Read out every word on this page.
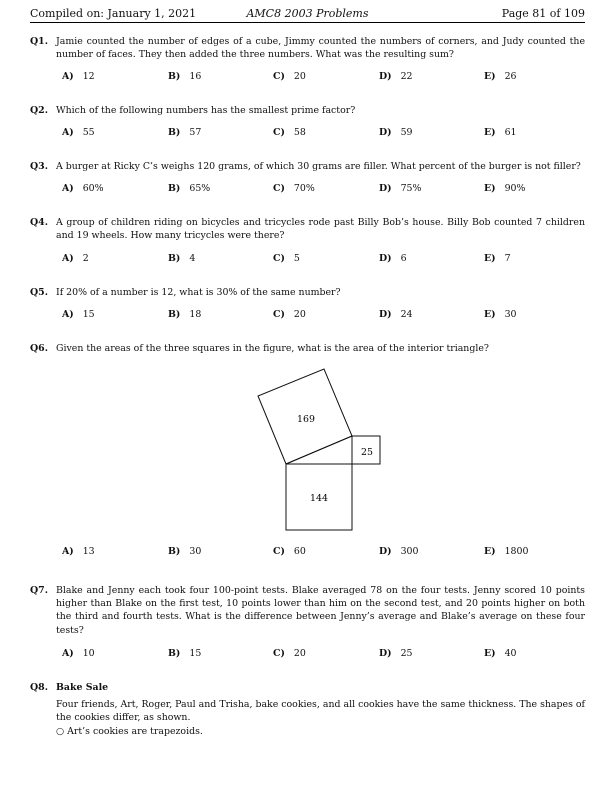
Compiled on: January 1, 2021	AMC8 2003 Problems	Page 81 of 109
Q1. Jamie counted the number of edges of a cube, Jimmy counted the numbers of corners, and Judy counted the number of faces. They then added the three numbers. What was the resulting sum?
A) 12	B) 16	C) 20	D) 22	E) 26
Q2. Which of the following numbers has the smallest prime factor?
A) 55	B) 57	C) 58	D) 59	E) 61
Q3. A burger at Ricky C’s weighs 120 grams, of which 30 grams are filler. What percent of the burger is not filler?
A) 60%	B) 65%	C) 70%	D) 75%	E) 90%
Q4. A group of children riding on bicycles and tricycles rode past Billy Bob’s house. Billy Bob counted 7 children and 19 wheels. How many tricycles were there?
A) 2	B) 4	C) 5	D) 6	E) 7
Q5. If 20% of a number is 12, what is 30% of the same number?
A) 15	B) 18	C) 20	D) 24	E) 30
Q6. Given the areas of the three squares in the figure, what is the area of the interior triangle?
169
25
144
A) 13	B) 30	C) 60	D) 300	E) 1800
Q7. Blake and Jenny each took four 100-point tests. Blake averaged 78 on the four tests. Jenny scored 10 points higher than Blake on the first test, 10 points lower than him on the second test, and 20 points higher on both the third and fourth tests. What is the difference between Jenny’s average and Blake’s average on these four tests?
A) 10	B) 15	C) 20	D) 25	E) 40
Q8. Bake Sale
Four friends, Art, Roger, Paul and Trisha, bake cookies, and all cookies have the same thickness. The shapes of the cookies differ, as shown.
○ Art’s cookies are trapezoids.
